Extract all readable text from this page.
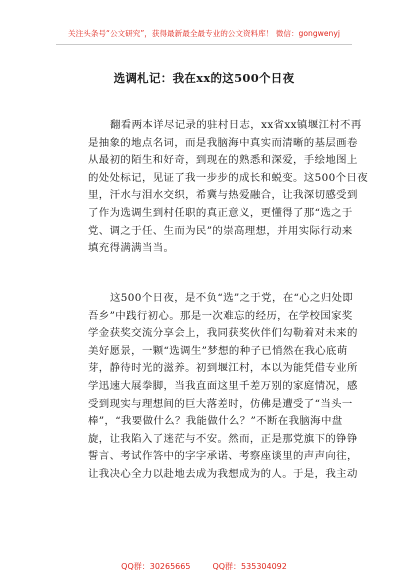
关注头条号“公文研究”，获得最新最全最专业的公文资料库！ 微信：gongwenyj
选调札记：我在xx的这500个日夜
翻看两本详尽记录的驻村日志，xx省xx镇堰江村不再
是抽象的地点名词，而是我脑海中真实而清晰的基层画卷
从最初的陌生和好奇，到现在的熟悉和深爱，手绘地图上
的处处标记，见证了我一步步的成长和蜕变。这500个日夜
里，汗水与泪水交织，希冀与热爱融合，让我深切感受到
了作为选调生到村任职的真正意义，更懂得了那“选之于
党、调之于任、生而为民”的崇高理想，并用实际行动来
填充得满满当当。
这500个日夜，是不负“选”之于党，在“心之归处即
吾乡”中践行初心。那是一次难忘的经历，在学校国家奖
学金获奖交流分享会上，我同获奖伙伴们勾勒着对未来的
美好愿景，一颗“选调生”梦想的种子已悄然在我心底萌
芽，静待时光的滋养。初到堰江村，本以为能凭借专业所
学迅速大展拳脚，当我直面这里千差万别的家庭情况，感
受到现实与理想间的巨大落差时，仿佛是遭受了“当头一
棒”，“我要做什么？我能做什么？”不断在我脑海中盘
旋，让我陷入了迷茫与不安。然而，正是那党旗下的铮铮
誓言、考试作答中的字字承诺、考察座谈里的声声向往，
让我决心全力以赴地去成为我想成为的人。于是，我主动
QQ群：30265665	QQ群：535304092
